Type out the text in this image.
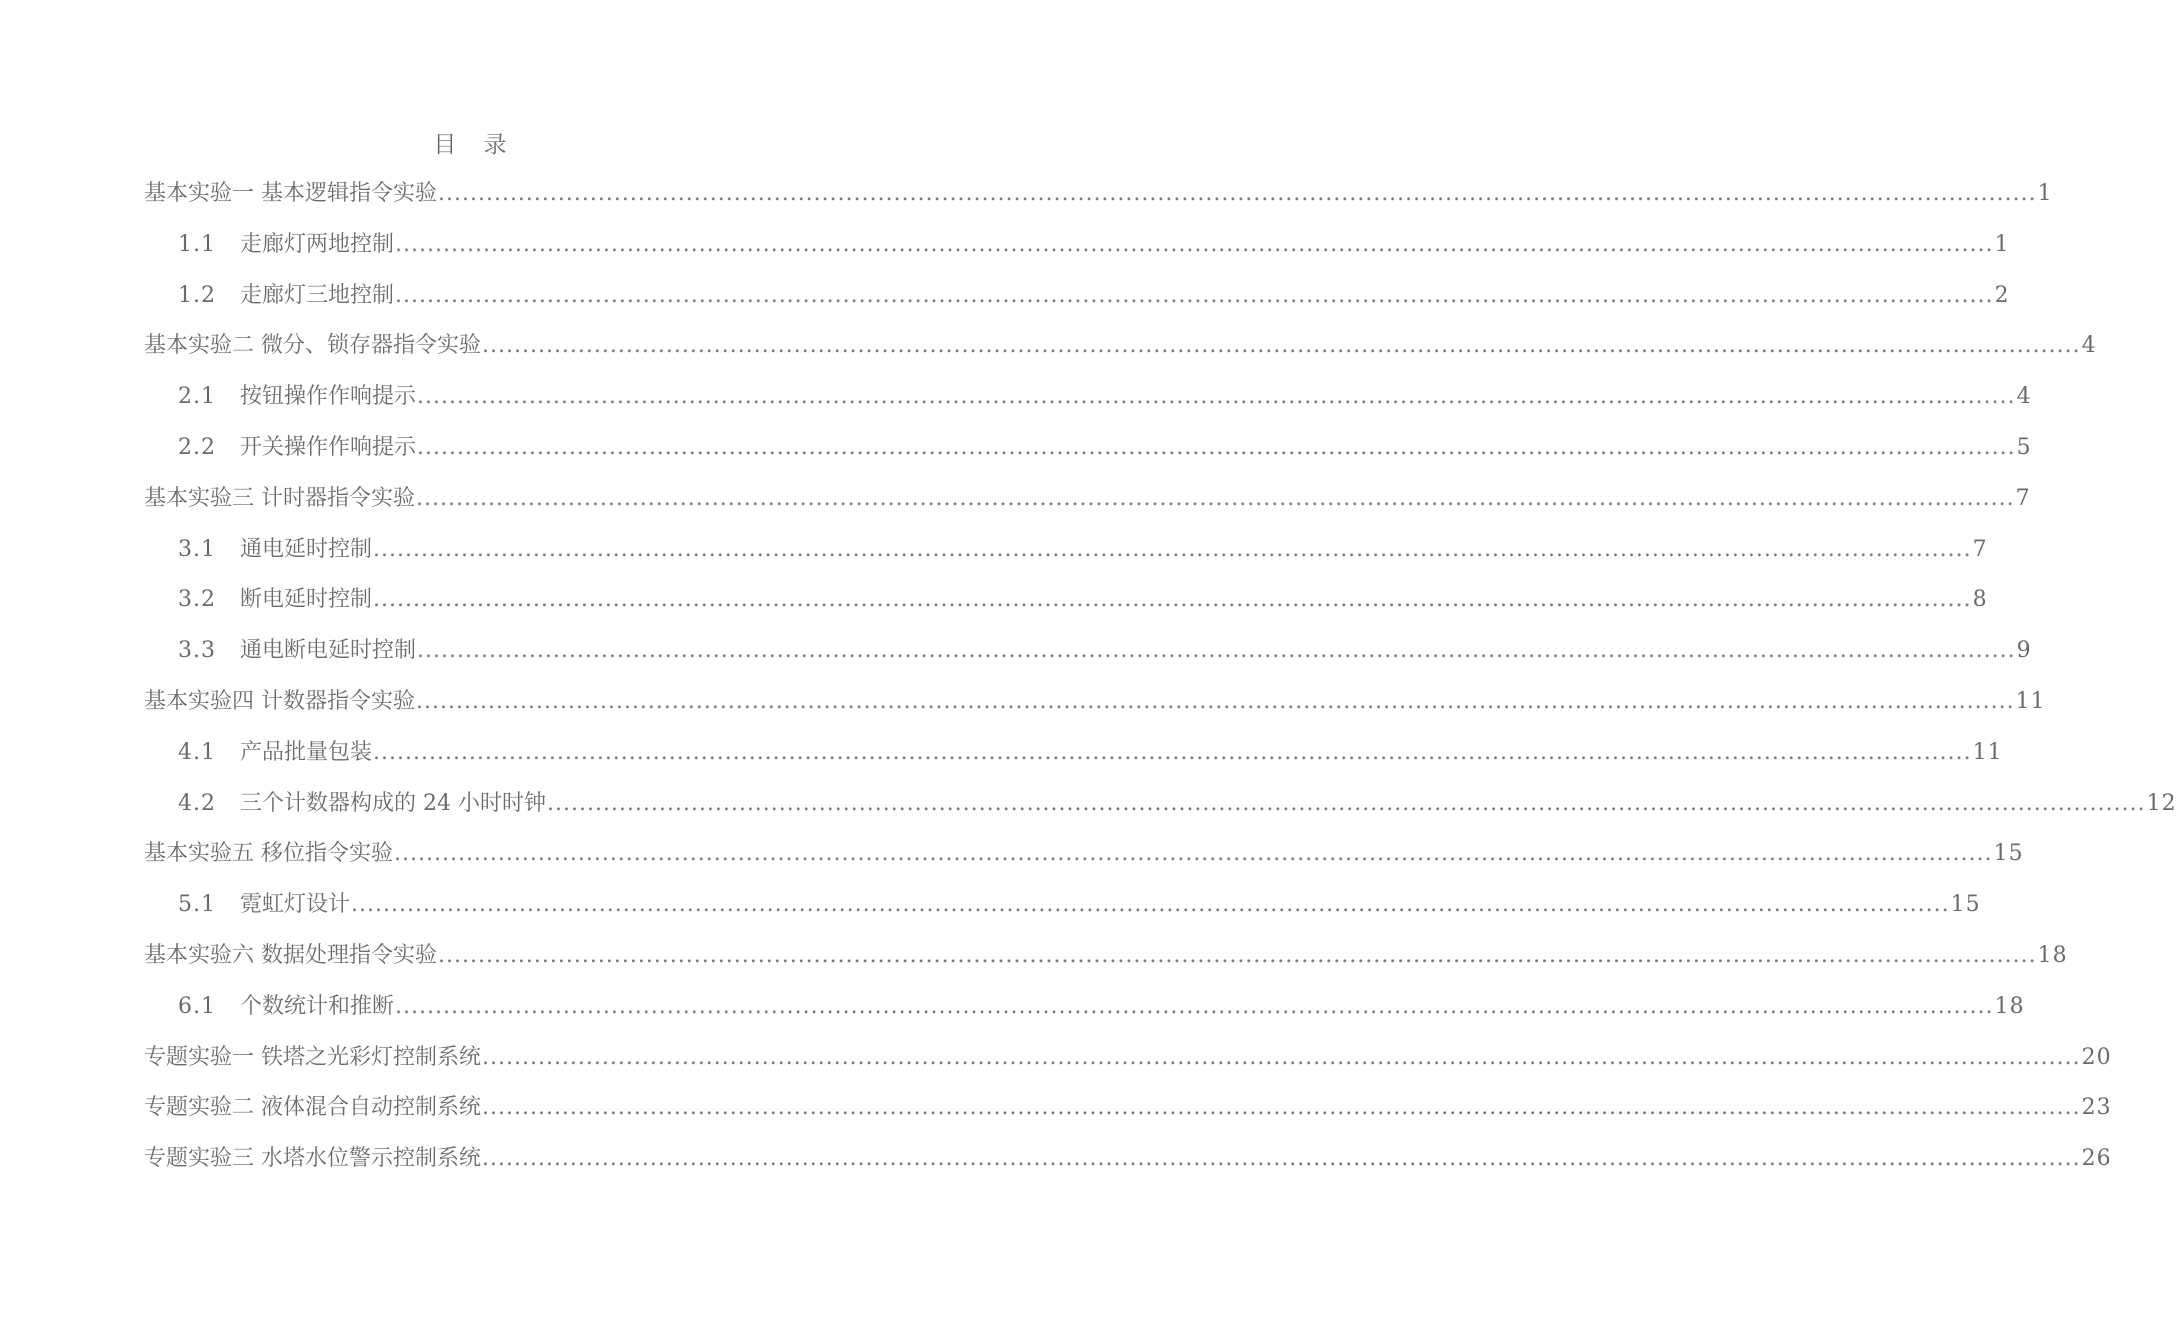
目 录
基本实验一 基本逻辑指令实验 ........................................................................................................................................................................................................ 1
1.1	走廊灯两地控制 ........................................................................................................................................................................................................ 1
1.2	走廊灯三地控制 ........................................................................................................................................................................................................ 2
基本实验二 微分、锁存器指令实验 ........................................................................................................................................................................................................ 4
2.1	按钮操作作响提示 ........................................................................................................................................................................................................ 4
2.2	开关操作作响提示 ........................................................................................................................................................................................................ 5
基本实验三 计时器指令实验 ........................................................................................................................................................................................................ 7
3.1	通电延时控制 ........................................................................................................................................................................................................ 7
3.2	断电延时控制 ........................................................................................................................................................................................................ 8
3.3	通电断电延时控制 ........................................................................................................................................................................................................ 9
基本实验四 计数器指令实验 ........................................................................................................................................................................................................ 11
4.1	产品批量包装 ........................................................................................................................................................................................................ 11
4.2	三个计数器构成的 24 小时时钟 ........................................................................................................................................................................................................ 12
基本实验五 移位指令实验 ........................................................................................................................................................................................................ 15
5.1	霓虹灯设计 ........................................................................................................................................................................................................ 15
基本实验六 数据处理指令实验 ........................................................................................................................................................................................................ 18
6.1	个数统计和推断 ........................................................................................................................................................................................................ 18
专题实验一 铁塔之光彩灯控制系统 ........................................................................................................................................................................................................ 20
专题实验二 液体混合自动控制系统 ........................................................................................................................................................................................................ 23
专题实验三 水塔水位警示控制系统 ........................................................................................................................................................................................................ 26
